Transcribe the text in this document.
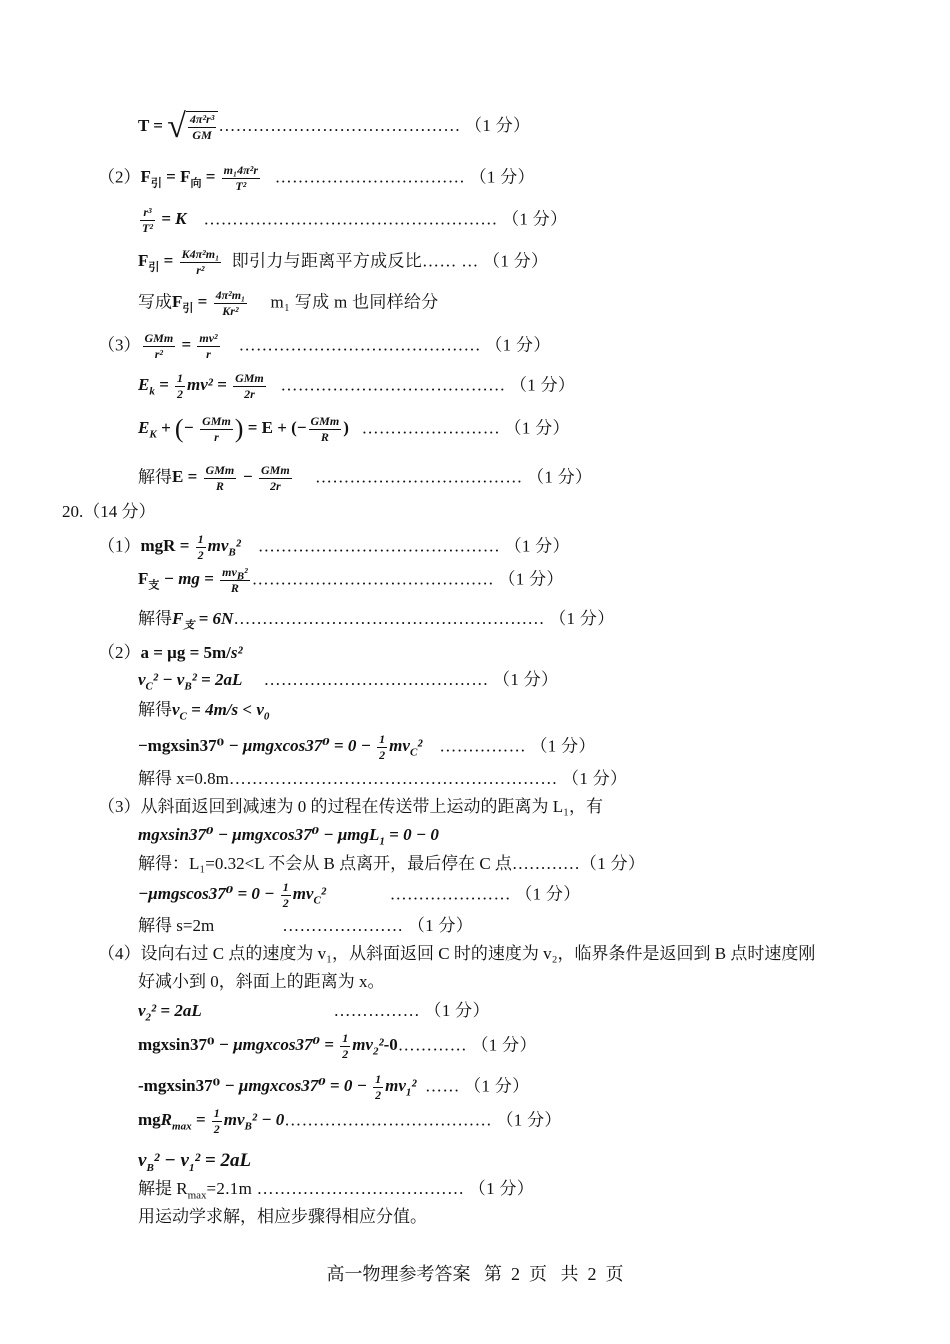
T = √ $\frac{\text{4π²r³}}{GM}$ …………………………………… （1 分）
$(2)F_引 = F_向 = \frac{\text{m₁4π²r}}{\text{T²}}$ …………………………… （1 分）
$\frac{\text{r³}}{\text{T²}} = K$ …………………………………………… （1 分）
$F_引 = \frac{\text{K4π²m₁}}{\text{r²}}$ 即引力与距离平方成反比…… … （1 分）
写成$F_引 = \frac{\text{4π²m₁}}{\text{Kr²}} m_1$ 写成 m 也同样给分
（3） GMm
$r^2 = \frac{\text{mv²}}{r}$ …………………………………… （1 分）
$E_k = \frac{1}{2} mv^2$ = GMm
2r	………………………………… （1 分）
$E_K$ + (− GMm
r ) = E + (− GMm
R ) …………………… （1 分）
解得E = GMm
R − GMm
2r	……………………………… （1 分）
20.（14 分）
$(1)mgR = \frac{1}{2} mv_B^2$ …………………………………… （1 分）
$F_支$ − mg = $mv_B^2$
R …………………………………… （1 分）
解得$F_支$ = 6N……………………………………………… （1 分）
（2）a = μg = 5m/s²
$v_C^2 - v_B^2 = 2aL$ ………………………………… （1 分）
解得$v_C = 4m/s < v_0$
$-mgxsin37^0 - \mu mgxcos37^0 = 0 - \frac{1}{2} mv_C^2$ …………… （1 分）
解得 x=0.8m………………………………………………… （1 分）
（3）从斜面返回到减速为 0 的过程在传送带上运动的距离为 L₁，有
mgxsin37⁰ − μmgxcos37⁰ − μmgL$_1$ = 0 − 0
解得：L₁=0.32<L 不会从 B 点离开，最后停在 C 点…………（1 分）
$-\mu mgscos37^0 = 0 - \frac{1}{2} mv_C^2$	………………… （1 分）
解得 s=2m	………………… （1 分）
（4）设向右过 C 点的速度为 v₁，从斜面返回 C 时的速度为 v₂，临界条件是返回到 B 点时速度刚
好减小到 0，斜面上的距离为 x。
$v_2^2 = 2aL$	…………… （1 分）
$mgxsin37^0 - \mu mgxcos37^0 = \frac{1}{2}$ $mv_2^2-0\dots\dots\dots\dots$ （1 分）
$-mgxsin37^0 - \mu mgxcos37^0 = 0 - \frac{1}{2} mv_1^2$ …… （1 分）
$mgR_{max} = \frac{1}{2} mv_B^2$ − 0……………………………… （1 分）
$v_B^2 - v_1^2 = 2aL$
解提 $R_{max}=2.1m$ ……………………………… （1 分）
用运动学求解，相应步骤得相应分值。
高一物理参考答案   第  2  页   共  2  页
